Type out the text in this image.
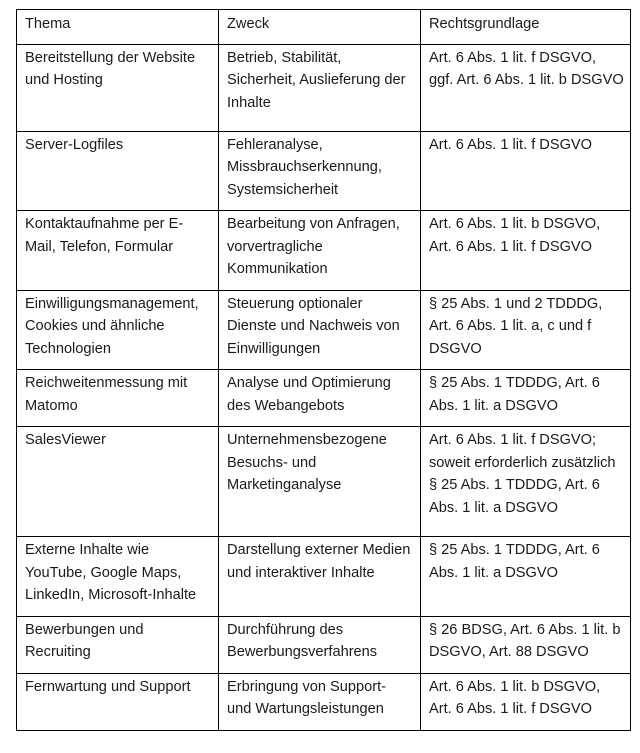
Thema	Zweck	Rechtsgrundlage
Bereitstellung der Website und Hosting	Betrieb, Stabilität, Sicherheit, Auslieferung der Inhalte	Art. 6 Abs. 1 lit. f DSGVO, ggf. Art. 6 Abs. 1 lit. b DSGVO
Server-Logfiles	Fehleranalyse, Missbrauchserkennung, Systemsicherheit	Art. 6 Abs. 1 lit. f DSGVO
Kontaktaufnahme per E-Mail, Telefon, Formular	Bearbeitung von Anfragen, vorvertragliche Kommunikation	Art. 6 Abs. 1 lit. b DSGVO, Art. 6 Abs. 1 lit. f DSGVO
Einwilligungsmanagement, Cookies und ähnliche Technologien	Steuerung optionaler Dienste und Nachweis von Einwilligungen	§ 25 Abs. 1 und 2 TDDDG, Art. 6 Abs. 1 lit. a, c und f DSGVO
Reichweitenmessung mit Matomo	Analyse und Optimierung des Webangebots	§ 25 Abs. 1 TDDDG, Art. 6 Abs. 1 lit. a DSGVO
SalesViewer	Unternehmensbezogene Besuchs- und Marketinganalyse	Art. 6 Abs. 1 lit. f DSGVO; soweit erforderlich zusätzlich § 25 Abs. 1 TDDDG, Art. 6 Abs. 1 lit. a DSGVO
Externe Inhalte wie YouTube, Google Maps, LinkedIn, Microsoft-Inhalte	Darstellung externer Medien und interaktiver Inhalte	§ 25 Abs. 1 TDDDG, Art. 6 Abs. 1 lit. a DSGVO
Bewerbungen und Recruiting	Durchführung des Bewerbungsverfahrens	§ 26 BDSG, Art. 6 Abs. 1 lit. b DSGVO, Art. 88 DSGVO
Fernwartung und Support	Erbringung von Support- und Wartungsleistungen	Art. 6 Abs. 1 lit. b DSGVO, Art. 6 Abs. 1 lit. f DSGVO
